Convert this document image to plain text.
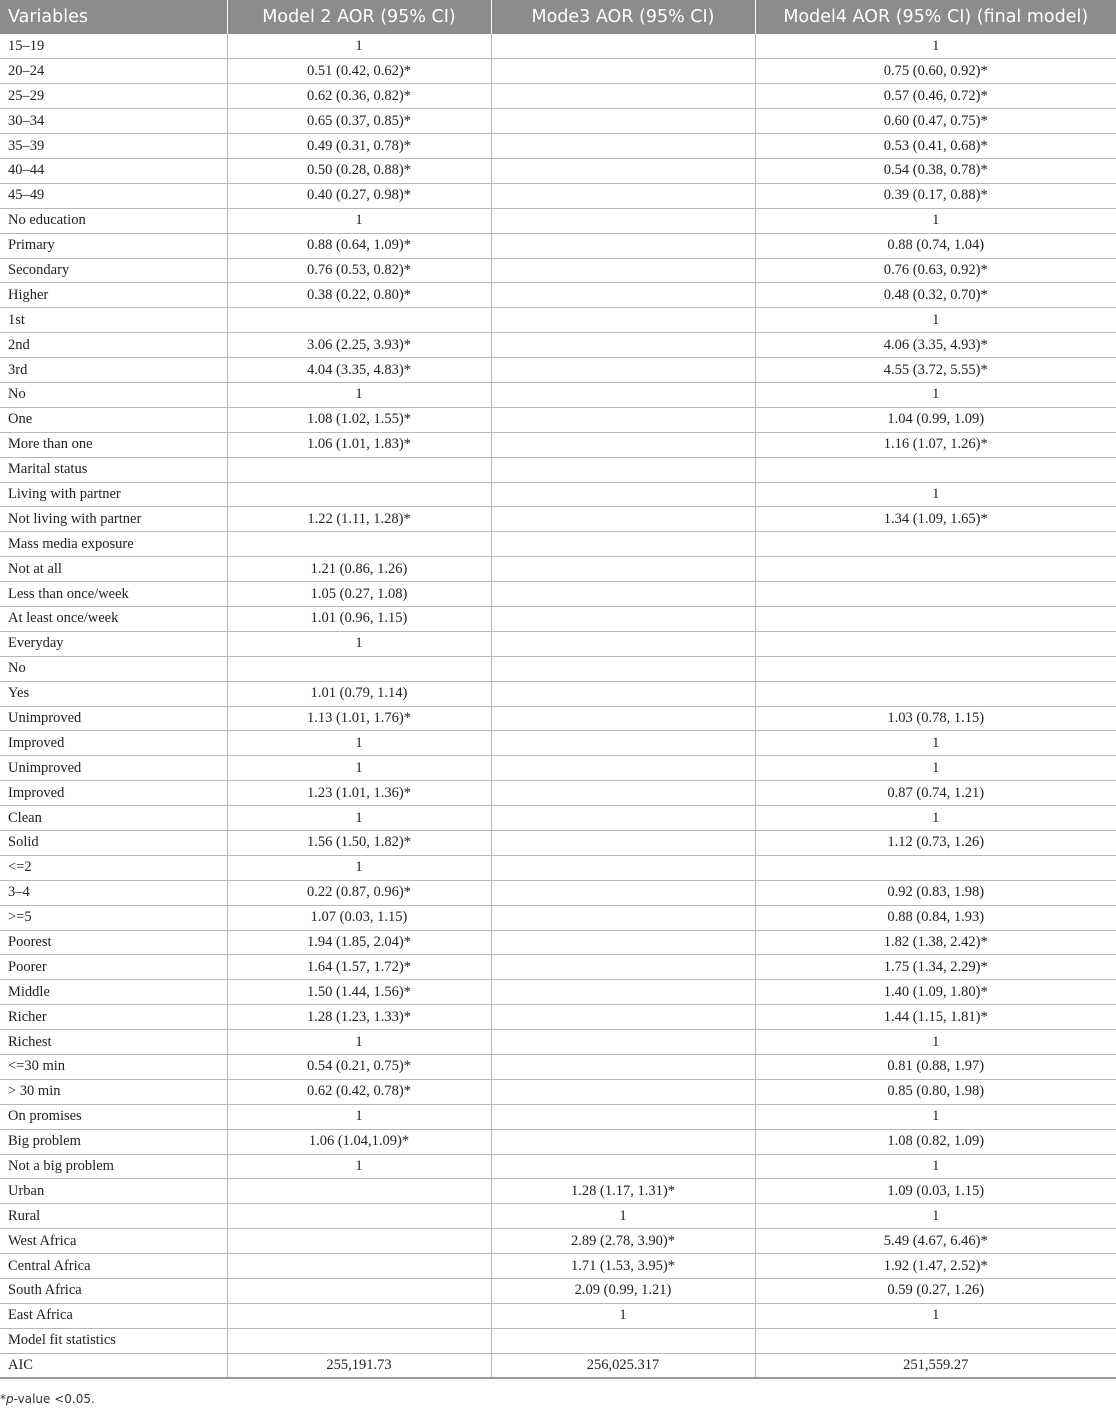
Variables	Model 2 AOR (95% CI)	Mode3 AOR (95% CI)	Model4 AOR (95% CI) (final model)
15–19	1		1
20–24	0.51 (0.42, 0.62)*		0.75 (0.60, 0.92)*
25–29	0.62 (0.36, 0.82)*		0.57 (0.46, 0.72)*
30–34	0.65 (0.37, 0.85)*		0.60 (0.47, 0.75)*
35–39	0.49 (0.31, 0.78)*		0.53 (0.41, 0.68)*
40–44	0.50 (0.28, 0.88)*		0.54 (0.38, 0.78)*
45–49	0.40 (0.27, 0.98)*		0.39 (0.17, 0.88)*
No education	1		1
Primary	0.88 (0.64, 1.09)*		0.88 (0.74, 1.04)
Secondary	0.76 (0.53, 0.82)*		0.76 (0.63, 0.92)*
Higher	0.38 (0.22, 0.80)*		0.48 (0.32, 0.70)*
1st			1
2nd	3.06 (2.25, 3.93)*		4.06 (3.35, 4.93)*
3rd	4.04 (3.35, 4.83)*		4.55 (3.72, 5.55)*
No	1		1
One	1.08 (1.02, 1.55)*		1.04 (0.99, 1.09)
More than one	1.06 (1.01, 1.83)*		1.16 (1.07, 1.26)*
Marital status			
Living with partner			1
Not living with partner	1.22 (1.11, 1.28)*		1.34 (1.09, 1.65)*
Mass media exposure			
Not at all	1.21 (0.86, 1.26)		
Less than once/week	1.05 (0.27, 1.08)		
At least once/week	1.01 (0.96, 1.15)		
Everyday	1		
No			
Yes	1.01 (0.79, 1.14)		
Unimproved	1.13 (1.01, 1.76)*		1.03 (0.78, 1.15)
Improved	1		1
Unimproved	1		1
Improved	1.23 (1.01, 1.36)*		0.87 (0.74, 1.21)
Clean	1		1
Solid	1.56 (1.50, 1.82)*		1.12 (0.73, 1.26)
<=2	1		
3–4	0.22 (0.87, 0.96)*		0.92 (0.83, 1.98)
>=5	1.07 (0.03, 1.15)		0.88 (0.84, 1.93)
Poorest	1.94 (1.85, 2.04)*		1.82 (1.38, 2.42)*
Poorer	1.64 (1.57, 1.72)*		1.75 (1.34, 2.29)*
Middle	1.50 (1.44, 1.56)*		1.40 (1.09, 1.80)*
Richer	1.28 (1.23, 1.33)*		1.44 (1.15, 1.81)*
Richest	1		1
<=30 min	0.54 (0.21, 0.75)*		0.81 (0.88, 1.97)
> 30 min	0.62 (0.42, 0.78)*		0.85 (0.80, 1.98)
On promises	1		1
Big problem	1.06 (1.04,1.09)*		1.08 (0.82, 1.09)
Not a big problem	1		1
Urban		1.28 (1.17, 1.31)*	1.09 (0.03, 1.15)
Rural		1	1
West Africa		2.89 (2.78, 3.90)*	5.49 (4.67, 6.46)*
Central Africa		1.71 (1.53, 3.95)*	1.92 (1.47, 2.52)*
South Africa		2.09 (0.99, 1.21)	0.59 (0.27, 1.26)
East Africa		1	1
Model fit statistics			
AIC	255,191.73	256,025.317	251,559.27
*p-value <0.05.
